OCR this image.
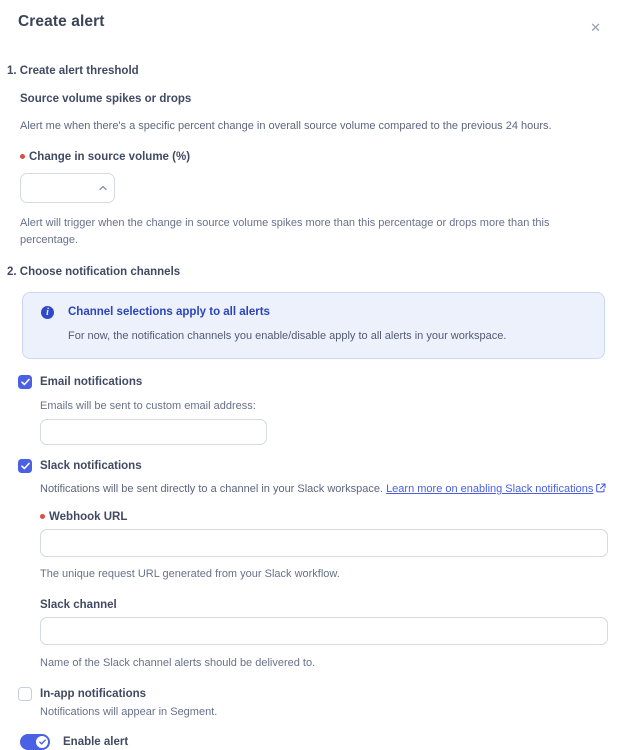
Create alert	✕
1. Create alert threshold
Source volume spikes or drops
Alert me when there's a specific percent change in overall source volume compared to the previous 24 hours.
Change in source volume (%)
Alert will trigger when the change in source volume spikes more than this percentage or drops more than this percentage.
2. Choose notification channels
i	Channel selections apply to all alerts
For now, the notification channels you enable/disable apply to all alerts in your workspace.
Email notifications
Emails will be sent to custom email address:
Slack notifications
Notifications will be sent directly to a channel in your Slack workspace. Learn more on enabling Slack notifications
Webhook URL
The unique request URL generated from your Slack workflow.
Slack channel
Name of the Slack channel alerts should be delivered to.
In-app notifications
Notifications will appear in Segment.
Enable alert
